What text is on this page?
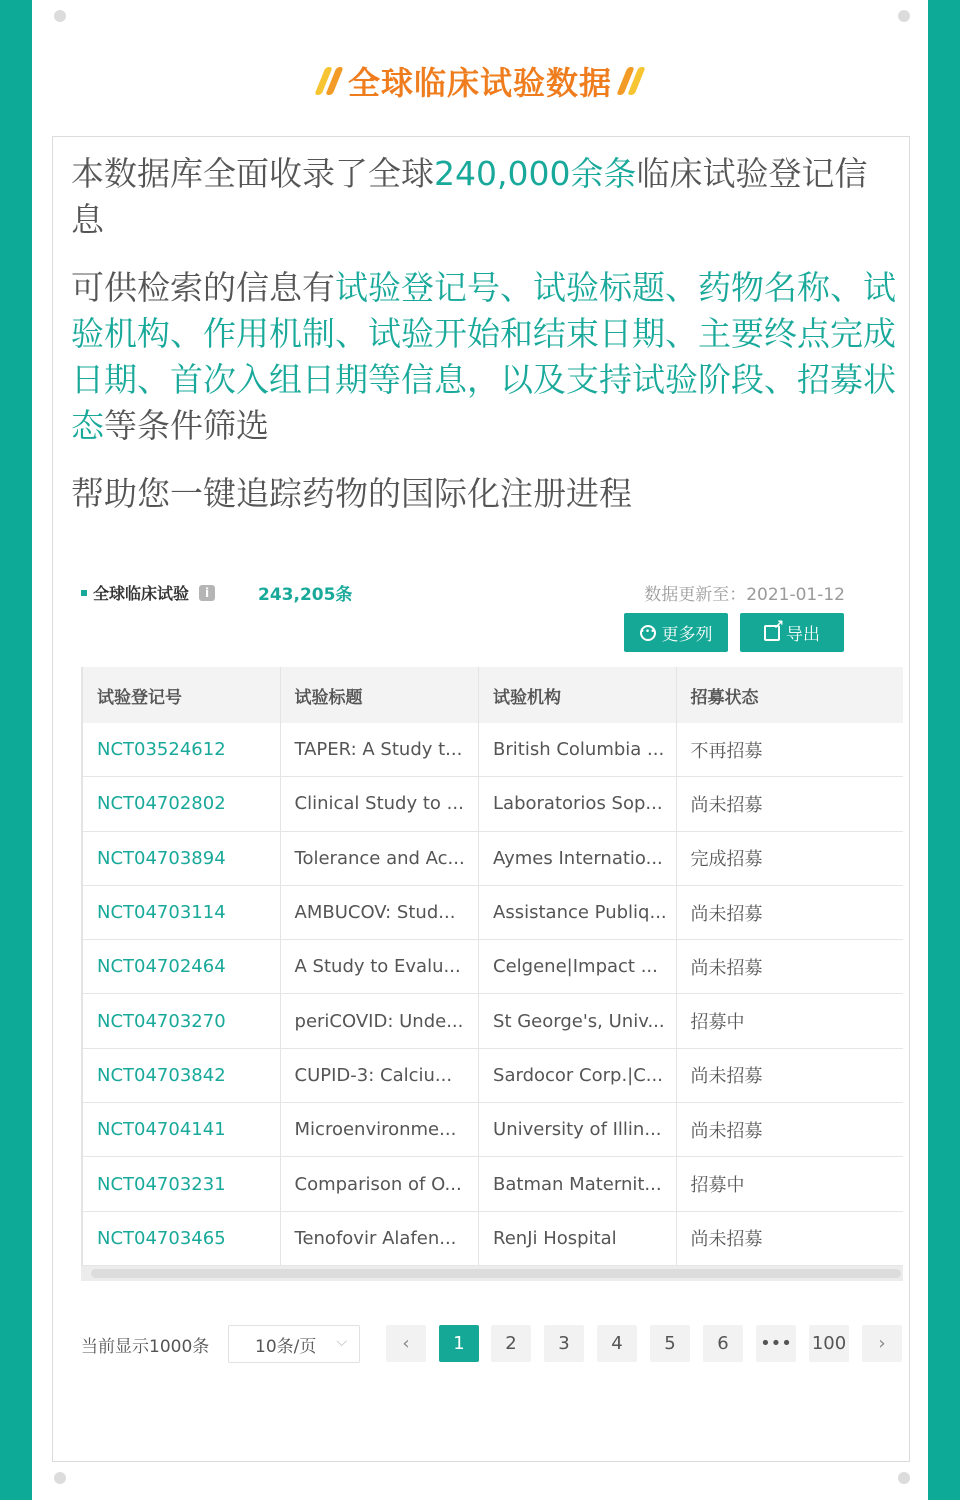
全球临床试验数据
本数据库全面收录了全球240,000余条临床试验登记信息
可供检索的信息有试验登记号、试验标题、药物名称、试验机构、作用机制、试验开始和结束日期、主要终点完成日期、首次入组日期等信息，以及支持试验阶段、招募状态等条件筛选
帮助您一键追踪药物的国际化注册进程
全球临床试验	i	243,205条	数据更新至：2021-01-12
••• 更多列
↗	导出
试验登记号	试验标题	试验机构	招募状态
NCT03524612	TAPER: A Study t...	British Columbia ...	不再招募
NCT04702802	Clinical Study to ...	Laboratorios Sop...	尚未招募
NCT04703894	Tolerance and Ac...	Aymes Internatio...	完成招募
NCT04703114	AMBUCOV: Stud...	Assistance Publiq...	尚未招募
NCT04702464	A Study to Evalu...	Celgene|Impact ...	尚未招募
NCT04703270	periCOVID: Unde...	St George's, Univ...	招募中
NCT04703842	CUPID-3: Calciu...	Sardocor Corp.|C...	尚未招募
NCT04704141	Microenvironme...	University of Illin...	尚未招募
NCT04703231	Comparison of O...	Batman Maternit...	招募中
NCT04703465	Tenofovir Alafen...	RenJi Hospital	尚未招募
当前显示1000条	10条/页 ⌵	‹	1	2	3	4	5	6	••• 100	›
